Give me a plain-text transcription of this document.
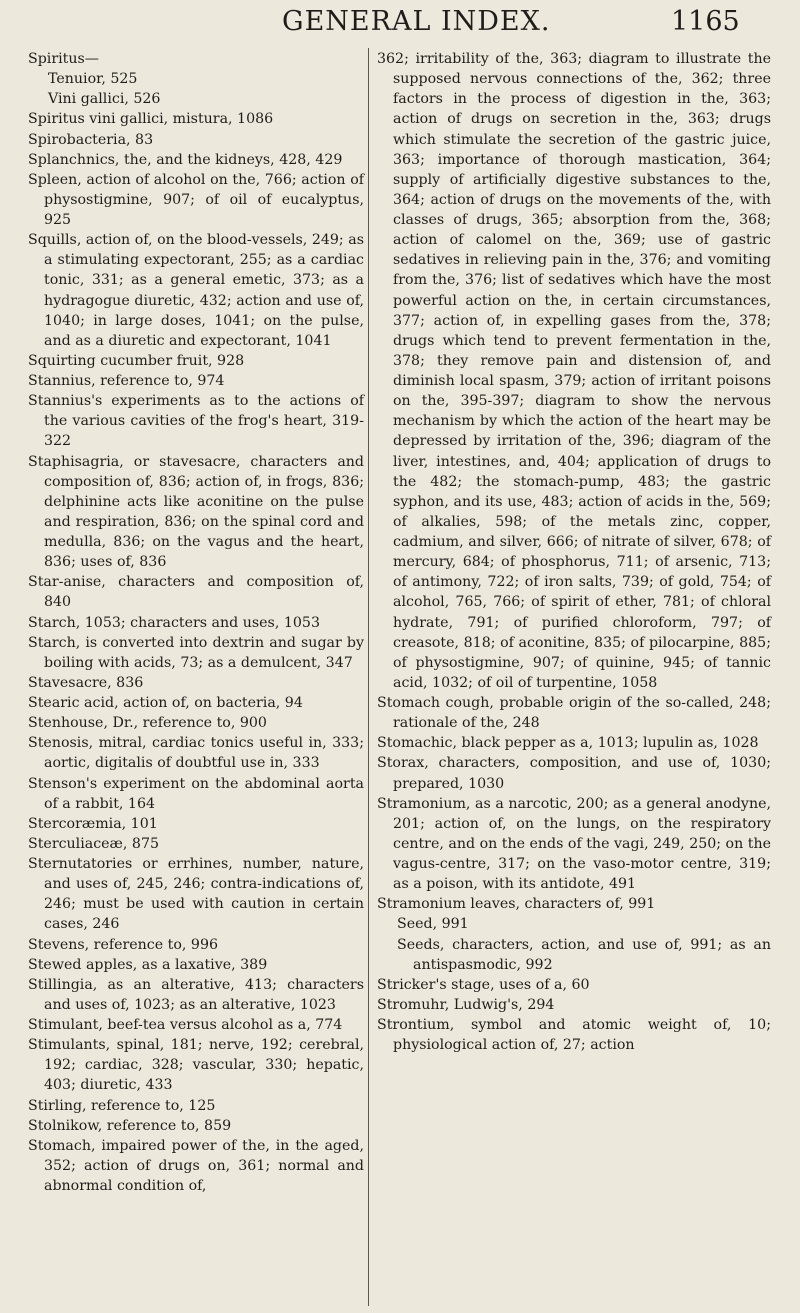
GENERAL INDEX.	1165
Spiritus—
Tenuior, 525
Vini gallici, 526
Spiritus vini gallici, mistura, 1086
Spirobacteria, 83
Splanchnics, the, and the kidneys, 428, 429
Spleen, action of alcohol on the, 766; action of physostigmine, 907; of oil of eucalyptus, 925
Squills, action of, on the blood-vessels, 249; as a stimulating expectorant, 255; as a cardiac tonic, 331; as a general emetic, 373; as a hydragogue diuretic, 432; action and use of, 1040; in large doses, 1041; on the pulse, and as a diuretic and expectorant, 1041
Squirting cucumber fruit, 928
Stannius, reference to, 974
Stannius's experiments as to the actions of the various cavities of the frog's heart, 319-322
Staphisagria, or stavesacre, characters and composition of, 836; action of, in frogs, 836; delphinine acts like aconitine on the pulse and respiration, 836; on the spinal cord and medulla, 836; on the vagus and the heart, 836; uses of, 836
Star-anise, characters and composition of, 840
Starch, 1053; characters and uses, 1053
Starch, is converted into dextrin and sugar by boiling with acids, 73; as a demulcent, 347
Stavesacre, 836
Stearic acid, action of, on bacteria, 94
Stenhouse, Dr., reference to, 900
Stenosis, mitral, cardiac tonics useful in, 333; aortic, digitalis of doubtful use in, 333
Stenson's experiment on the abdominal aorta of a rabbit, 164
Stercoræmia, 101
Sterculiaceæ, 875
Sternutatories or errhines, number, nature, and uses of, 245, 246; contra-indications of, 246; must be used with caution in certain cases, 246
Stevens, reference to, 996
Stewed apples, as a laxative, 389
Stillingia, as an alterative, 413; characters and uses of, 1023; as an alterative, 1023
Stimulant, beef-tea versus alcohol as a, 774
Stimulants, spinal, 181; nerve, 192; cerebral, 192; cardiac, 328; vascular, 330; hepatic, 403; diuretic, 433
Stirling, reference to, 125
Stolnikow, reference to, 859
Stomach, impaired power of the, in the aged, 352; action of drugs on, 361; normal and abnormal condition of,
362; irritability of the, 363; diagram to illustrate the supposed nervous connections of the, 362; three factors in the process of digestion in the, 363; action of drugs on secretion in the, 363; drugs which stimulate the secretion of the gastric juice, 363; importance of thorough mastication, 364; supply of artificially digestive substances to the, 364; action of drugs on the movements of the, with classes of drugs, 365; absorption from the, 368; action of calomel on the, 369; use of gastric sedatives in relieving pain in the, 376; and vomiting from the, 376; list of sedatives which have the most powerful action on the, in certain circumstances, 377; action of, in expelling gases from the, 378; drugs which tend to prevent fermentation in the, 378; they remove pain and distension of, and diminish local spasm, 379; action of irritant poisons on the, 395-397; diagram to show the nervous mechanism by which the action of the heart may be depressed by irritation of the, 396; diagram of the liver, intestines, and, 404; application of drugs to the 482; the stomach-pump, 483; the gastric syphon, and its use, 483; action of acids in the, 569; of alkalies, 598; of the metals zinc, copper, cadmium, and silver, 666; of nitrate of silver, 678; of mercury, 684; of phosphorus, 711; of arsenic, 713; of antimony, 722; of iron salts, 739; of gold, 754; of alcohol, 765, 766; of spirit of ether, 781; of chloral hydrate, 791; of purified chloroform, 797; of creasote, 818; of aconitine, 835; of pilocarpine, 885; of physostigmine, 907; of quinine, 945; of tannic acid, 1032; of oil of turpentine, 1058
Stomach cough, probable origin of the so-called, 248; rationale of the, 248
Stomachic, black pepper as a, 1013; lupulin as, 1028
Storax, characters, composition, and use of, 1030; prepared, 1030
Stramonium, as a narcotic, 200; as a general anodyne, 201; action of, on the lungs, on the respiratory centre, and on the ends of the vagi, 249, 250; on the vagus-centre, 317; on the vaso-motor centre, 319; as a poison, with its antidote, 491
Stramonium leaves, characters of, 991
Seed, 991
Seeds, characters, action, and use of, 991; as an antispasmodic, 992
Stricker's stage, uses of a, 60
Stromuhr, Ludwig's, 294
Strontium, symbol and atomic weight of, 10; physiological action of, 27; action
